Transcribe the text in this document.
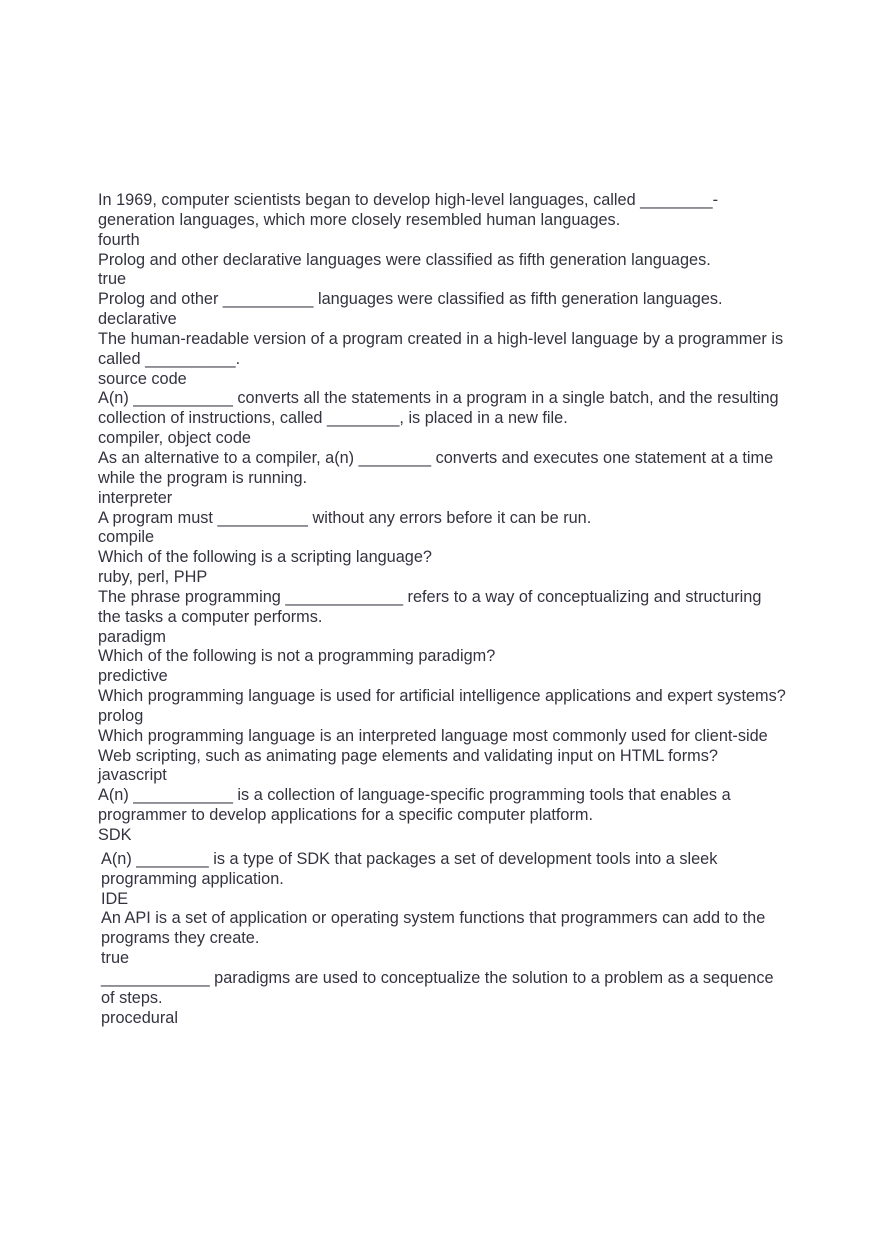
In 1969, computer scientists began to develop high-level languages, called ________-generation languages, which more closely resembled human languages.

fourth

Prolog and other declarative languages were classified as fifth generation languages.

true

Prolog and other __________ languages were classified as fifth generation languages.

declarative

The human-readable version of a program created in a high-level language by a programmer is called __________.

source code

A(n) ___________ converts all the statements in a program in a single batch, and the resulting collection of instructions, called ________, is placed in a new file.

compiler, object code

As an alternative to a compiler, a(n) ________ converts and executes one statement at a time while the program is running.

interpreter

A program must __________ without any errors before it can be run.

compile

Which of the following is a scripting language?

ruby, perl, PHP

The phrase programming _____________ refers to a way of conceptualizing and structuring the tasks a computer performs.

paradigm

Which of the following is not a programming paradigm?

predictive

Which programming language is used for artificial intelligence applications and expert systems?

prolog

Which programming language is an interpreted language most commonly used for client-side Web scripting, such as animating page elements and validating input on HTML forms?

javascript

A(n) ___________ is a collection of language-specific programming tools that enables a programmer to develop applications for a specific computer platform.

SDK

A(n) ________ is a type of SDK that packages a set of development tools into a sleek programming application.

IDE

An API is a set of application or operating system functions that programmers can add to the programs they create.

true

____________ paradigms are used to conceptualize the solution to a problem as a sequence of steps.

procedural
